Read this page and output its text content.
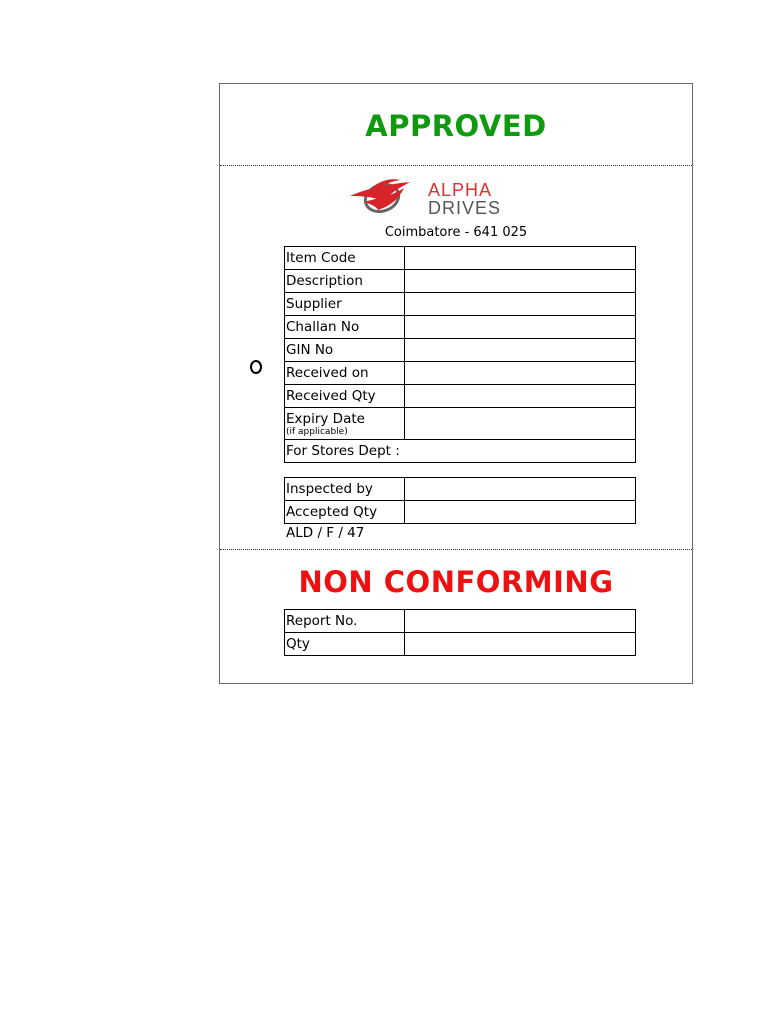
APPROVED
ALPHA
DRIVES
Coimbatore - 641 025
Item Code	
Description	
Supplier	
Challan No	
GIN No	
Received on	
Received Qty	
Expiry Date
(if applicable)	

For Stores Dept :	
Inspected by	
Accepted Qty	
ALD / F / 47
NON CONFORMING
Report No.	
Qty	
